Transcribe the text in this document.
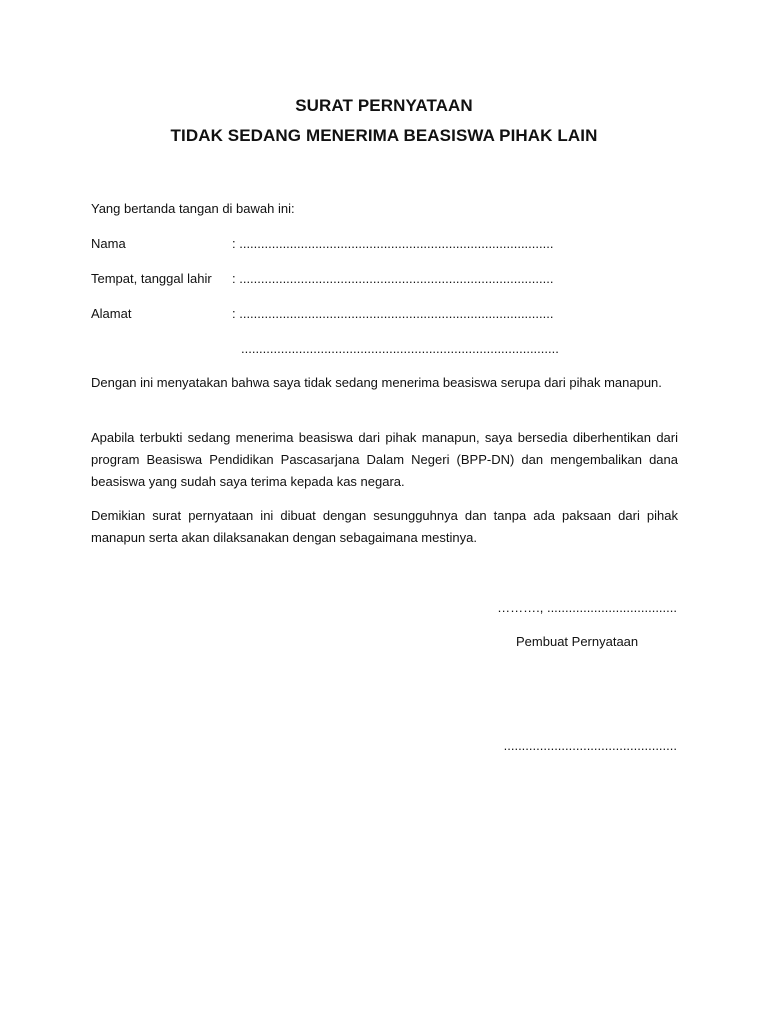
SURAT PERNYATAAN
TIDAK SEDANG MENERIMA BEASISWA PIHAK LAIN
Yang bertanda tangan di bawah ini:
Nama	: .......................................................................................
Tempat, tanggal lahir : .......................................................................................
Alamat	: .......................................................................................
........................................................................................

Dengan ini menyatakan bahwa saya tidak sedang menerima beasiswa serupa dari pihak manapun.

Apabila terbukti sedang menerima beasiswa dari pihak manapun, saya bersedia diberhentikan dari program Beasiswa Pendidikan Pascasarjana Dalam Negeri (BPP-DN) dan mengembalikan dana beasiswa yang sudah saya terima kepada kas negara.

Demikian surat pernyataan ini dibuat dengan sesungguhnya dan tanpa ada paksaan dari pihak manapun serta akan dilaksanakan dengan sebagaimana mestinya.

………., ....................................
Pembuat Pernyataan
................................................
